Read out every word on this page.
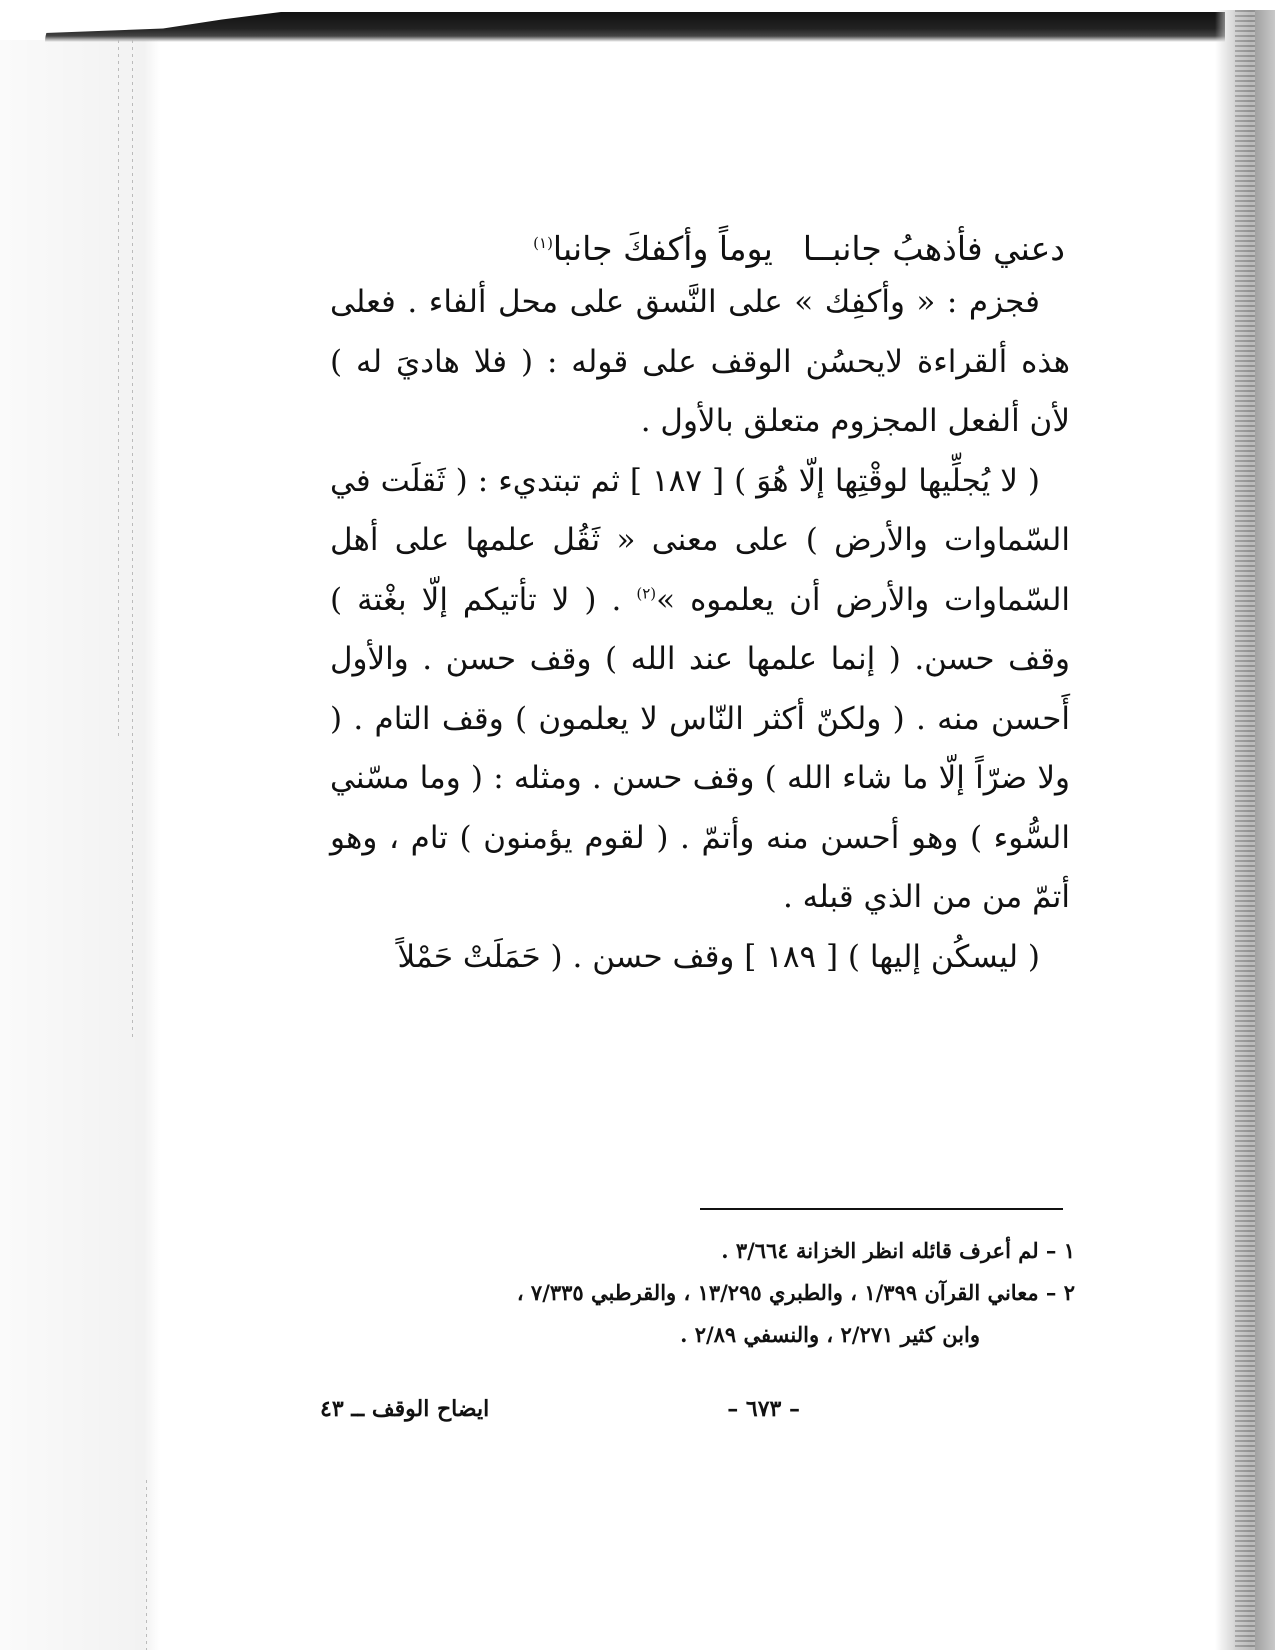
دعني فأذهبُ جانبــايوماً وأكفكَ جانبا$^{(١)}$

فجزم : « وأكفِك » على النَّسق على محل ألفاء . فعلى هذه ألقراءة لايحسُن الوقف على قوله : ( فلا هاديَ له ) لأن ألفعل المجزوم متعلق بالأول .

( لا يُجلِّيها لوقْتِها إلّا هُوَ ) [ ١٨٧ ] ثم تبتديء : ( ثَقلَت في السّماوات والأرض ) على معنى « ثَقُل علمها على أهل السّماوات والأرض أن يعلموه »$^{(٢)}$ . ( لا تأتيكم إلّا بغْتة ) وقف حسن. ( إنما علمها عند الله ) وقف حسن . والأول أَحسن منه . ( ولكنّ أكثر النّاس لا يعلمون ) وقف التام . ( ولا ضرّاً إلّا ما شاء الله ) وقف حسن . ومثله : ( وما مسّني السُّوء ) وهو أحسن منه وأتمّ . ( لقوم يؤمنون ) تام ، وهو أتمّ من من الذي قبله .

( ليسكُن إليها ) [ ١٨٩ ] وقف حسن . ( حَمَلَتْ حَمْلاً

١ – لم أعرف قائله انظر الخزانة ٣/٦٦٤ .

٢ – معاني القرآن ١/٣٩٩ ، والطبري ١٣/٢٩٥ ، والقرطبي ٧/٣٣٥ ،

وابن كثير ٢/٢٧١ ، والنسفي ٢/٨٩ .

– ٦٧٣ –
ايضاح الوقف ــ ٤٣
